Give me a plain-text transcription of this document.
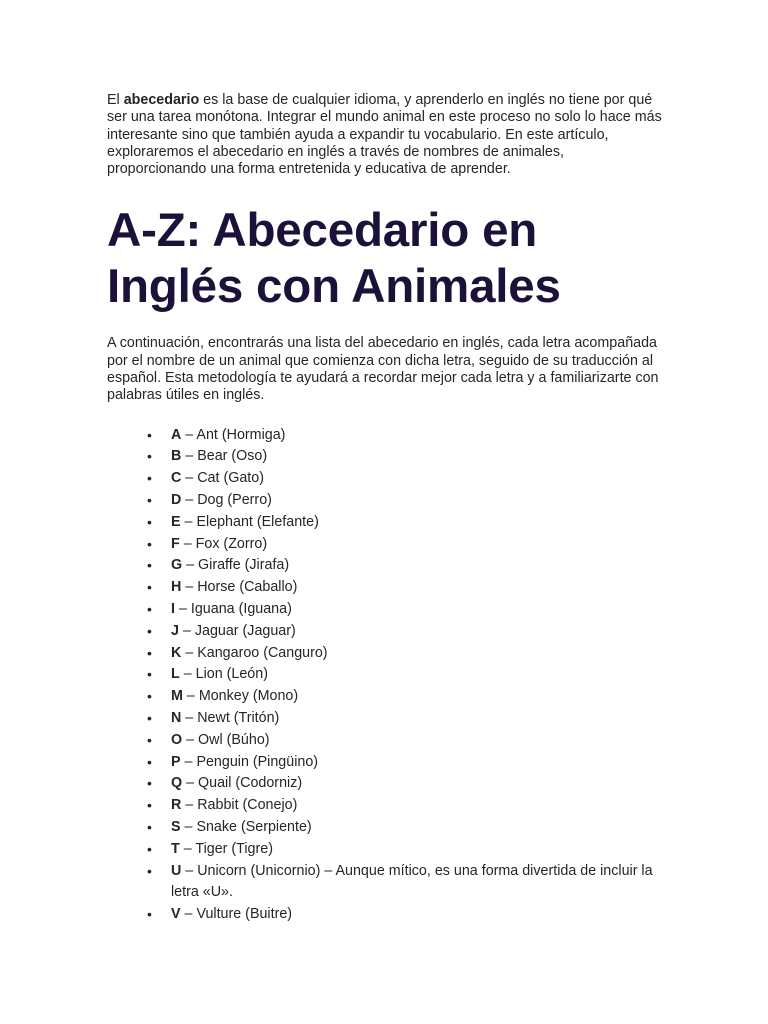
El abecedario es la base de cualquier idioma, y aprenderlo en inglés no tiene por qué ser una tarea monótona. Integrar el mundo animal en este proceso no solo lo hace más interesante sino que también ayuda a expandir tu vocabulario. En este artículo, exploraremos el abecedario en inglés a través de nombres de animales, proporcionando una forma entretenida y educativa de aprender.

A-Z: Abecedario en Inglés con Animales

A continuación, encontrarás una lista del abecedario en inglés, cada letra acompañada por el nombre de un animal que comienza con dicha letra, seguido de su traducción al español. Esta metodología te ayudará a recordar mejor cada letra y a familiarizarte con palabras útiles en inglés.

• A – Ant (Hormiga)
• B – Bear (Oso)
• C – Cat (Gato)
• D – Dog (Perro)
• E – Elephant (Elefante)
• F – Fox (Zorro)
• G – Giraffe (Jirafa)
• H – Horse (Caballo)
• I – Iguana (Iguana)
• J – Jaguar (Jaguar)
• K – Kangaroo (Canguro)
• L – Lion (León)
• M – Monkey (Mono)
• N – Newt (Tritón)
• O – Owl (Búho)
• P – Penguin (Pingüino)
• Q – Quail (Codorniz)
• R – Rabbit (Conejo)
• S – Snake (Serpiente)
• T – Tiger (Tigre)
• U – Unicorn (Unicornio) – Aunque mítico, es una forma divertida de incluir la letra «U».
• V – Vulture (Buitre)
